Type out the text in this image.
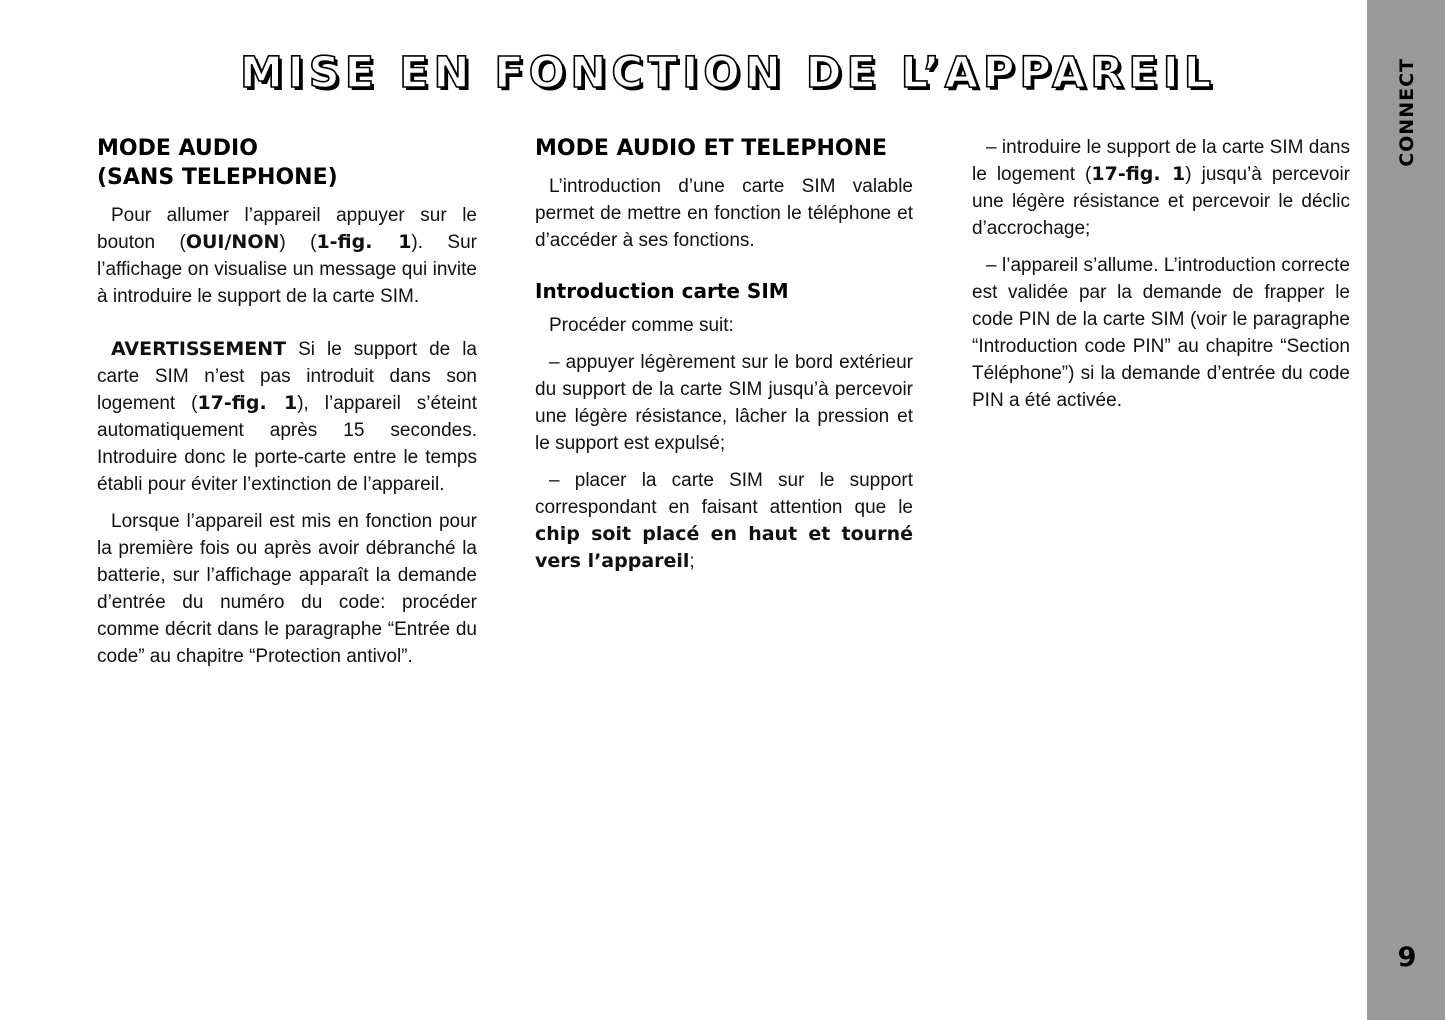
CONNECT
9
MISE EN FONCTION DE L’APPAREIL
MODE AUDIO
(SANS TELEPHONE)

Pour allumer l’appareil appuyer sur le bouton (OUI/NON) (1-fig. 1). Sur l’affichage on visualise un message qui invite à introduire le support de la carte SIM.

AVERTISSEMENT Si le support de la carte SIM n’est pas introduit dans son logement (17-fig. 1), l’appareil s’éteint automatiquement après 15 secondes. Introduire donc le porte-carte entre le temps établi pour éviter l’extinction de l’appareil.

Lorsque l’appareil est mis en fonction pour la première fois ou après avoir débranché la batterie, sur l’affichage apparaît la demande d’entrée du numéro du code: procéder comme décrit dans le paragraphe “Entrée du code” au chapitre “Protection antivol”.

MODE AUDIO ET TELEPHONE

L’introduction d’une carte SIM valable permet de mettre en fonction le téléphone et d’accéder à ses fonctions.

Introduction carte SIM

Procéder comme suit:

– appuyer légèrement sur le bord extérieur du support de la carte SIM jusqu’à percevoir une légère résistance, lâcher la pression et le support est expulsé;

– placer la carte SIM sur le support correspondant en faisant attention que le chip soit placé en haut et tourné vers l’appareil;

– introduire le support de la carte SIM dans le logement (17-fig. 1) jusqu’à percevoir une légère résistance et percevoir le déclic d’accrochage;

– l’appareil s’allume. L’introduction correcte est validée par la demande de frapper le code PIN de la carte SIM (voir le paragraphe “Introduction code PIN” au chapitre “Section Téléphone”) si la demande d’entrée du code PIN a été activée.
